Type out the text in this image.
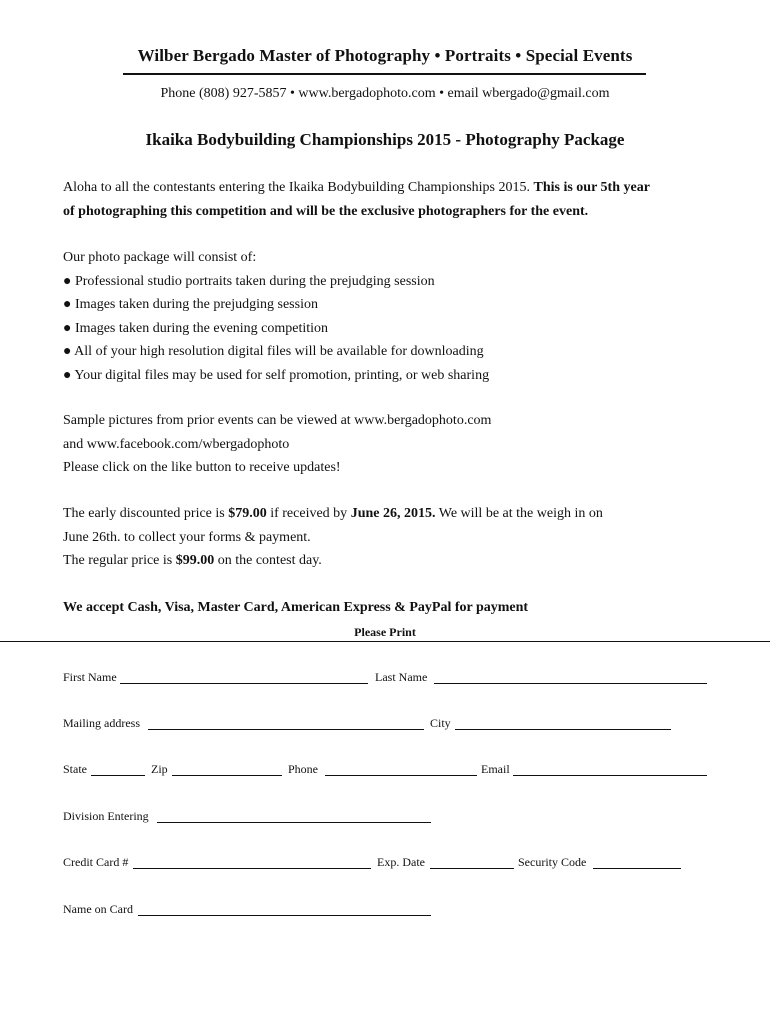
Wilber Bergado Master of Photography • Portraits • Special Events
Phone (808) 927-5857 • www.bergadophoto.com • email wbergado@gmail.com
Ikaika Bodybuilding Championships 2015 - Photography Package
Aloha to all the contestants entering the Ikaika Bodybuilding Championships 2015. This is our 5th year
of photographing this competition and will be the exclusive photographers for the event.
Our photo package will consist of:
● Professional studio portraits taken during the prejudging session
● Images taken during the prejudging session
● Images taken during the evening competition
● All of your high resolution digital files will be available for downloading
● Your digital files may be used for self promotion, printing, or web sharing
Sample pictures from prior events can be viewed at www.bergadophoto.com
and www.facebook.com/wbergadophoto
Please click on the like button to receive updates!
The early discounted price is $79.00 if received by June 26, 2015. We will be at the weigh in on
June 26th. to collect your forms & payment.
The regular price is $99.00 on the contest day.
We accept Cash, Visa, Master Card, American Express & PayPal for payment
Please Print
First Name	Last Name
Mailing address	City
State	Zip	Phone	Email
Division Entering
Credit Card #	Exp. Date	Security Code
Name on Card
